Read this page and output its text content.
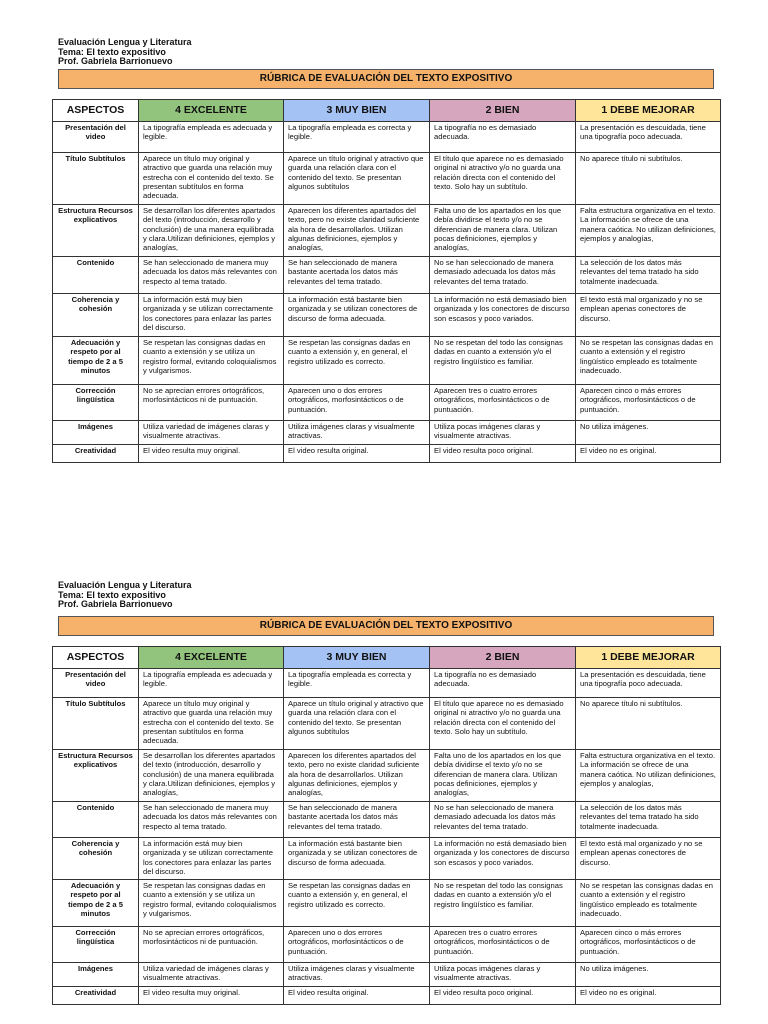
Evaluación Lengua y Literatura
Tema: El texto expositivo
Prof. Gabriela Barrionuevo
RÚBRICA DE EVALUACIÓN DEL TEXTO EXPOSITIVO
ASPECTOS	4 EXCELENTE	3 MUY BIEN	2 BIEN	1 DEBE MEJORAR
Presentación del video	La tipografía empleada es adecuada y legible.	La tipografía empleada es correcta y legible.	La tipografía no es demasiado adecuada.	La presentación es descuidada, tiene una tipografía poco adecuada.
Título Subtítulos	Aparece un título muy original y atractivo que guarda una relación muy estrecha con el contenido del texto. Se presentan subtítulos en forma adecuada.	Aparece un título original y atractivo que guarda una relación clara con el contenido del texto. Se presentan algunos subtítulos	El título que aparece no es demasiado original ni atractivo y/o no guarda una relación directa con el contenido del texto. Solo hay un subtítulo.	No aparece título ni subtítulos.
Estructura Recursos explicativos	Se desarrollan los diferentes apartados del texto (introducción, desarrollo y conclusión) de una manera equilibrada y clara.Utilizan definiciones, ejemplos y analogías,	Aparecen los diferentes apartados del texto, pero no existe claridad suficiente ala hora de desarrollarlos. Utilizan algunas definiciones, ejemplos y analogías,	Falta uno de los apartados en los que debía dividirse el texto y/o no se diferencian de manera clara. Utilizan pocas definiciones, ejemplos y analogías,	Falta estructura organizativa en el texto. La información se ofrece de una manera caótica. No utilizan definiciones, ejemplos y analogías,
Contenido	Se han seleccionado de manera muy adecuada los datos más relevantes con respecto al tema tratado.	Se han seleccionado de manera bastante acertada los datos más relevantes del tema tratado.	No se han seleccionado de manera demasiado adecuada los datos más relevantes del tema tratado.	La selección de los datos más relevantes del tema tratado ha sido totalmente inadecuada.
Coherencia y cohesión	La información está muy bien organizada y se utilizan correctamente los conectores para enlazar las partes del discurso.	La información está bastante bien organizada y se utilizan conectores de discurso de forma adecuada.	La información no está demasiado bien organizada y los conectores de discurso son escasos y poco variados.	El texto está mal organizado y no se emplean apenas conectores de discurso.
Adecuación y respeto por al tiempo de 2 a 5 minutos	Se respetan las consignas dadas en cuanto a extensión y se utiliza un registro formal, evitando coloquialismos y vulgarismos.	Se respetan las consignas dadas en cuanto a extensión y, en general, el registro utilizado es correcto.	No se respetan del todo las consignas dadas en cuanto a extensión y/o el registro lingüístico es familiar.	No se respetan las consignas dadas en cuanto a extensión y el registro lingüístico empleado es totalmente inadecuado.
Corrección lingüística	No se aprecian errores ortográficos, morfosintácticos ni de puntuación.	Aparecen uno o dos errores ortográficos, morfosintácticos o de puntuación.	Aparecen tres o cuatro errores ortográficos, morfosintácticos o de puntuación.	Aparecen cinco o más errores ortográficos, morfosintácticos o de puntuación.
Imágenes	Utiliza variedad de imágenes claras y visualmente atractivas.	Utiliza imágenes claras y visualmente atractivas.	Utiliza pocas imágenes claras y visualmente atractivas.	No utiliza imágenes.
Creatividad	El video resulta muy original.	El video resulta original.	El video resulta poco original.	El video no es original.
Evaluación Lengua y Literatura
Tema: El texto expositivo
Prof. Gabriela Barrionuevo
RÚBRICA DE EVALUACIÓN DEL TEXTO EXPOSITIVO
ASPECTOS	4 EXCELENTE	3 MUY BIEN	2 BIEN	1 DEBE MEJORAR
Presentación del video	La tipografía empleada es adecuada y legible.	La tipografía empleada es correcta y legible.	La tipografía no es demasiado adecuada.	La presentación es descuidada, tiene una tipografía poco adecuada.
Título Subtítulos	Aparece un título muy original y atractivo que guarda una relación muy estrecha con el contenido del texto. Se presentan subtítulos en forma adecuada.	Aparece un título original y atractivo que guarda una relación clara con el contenido del texto. Se presentan algunos subtítulos	El título que aparece no es demasiado original ni atractivo y/o no guarda una relación directa con el contenido del texto. Solo hay un subtítulo.	No aparece título ni subtítulos.
Estructura Recursos explicativos	Se desarrollan los diferentes apartados del texto (introducción, desarrollo y conclusión) de una manera equilibrada y clara.Utilizan definiciones, ejemplos y analogías,	Aparecen los diferentes apartados del texto, pero no existe claridad suficiente ala hora de desarrollarlos. Utilizan algunas definiciones, ejemplos y analogías,	Falta uno de los apartados en los que debía dividirse el texto y/o no se diferencian de manera clara. Utilizan pocas definiciones, ejemplos y analogías,	Falta estructura organizativa en el texto. La información se ofrece de una manera caótica. No utilizan definiciones, ejemplos y analogías,
Contenido	Se han seleccionado de manera muy adecuada los datos más relevantes con respecto al tema tratado.	Se han seleccionado de manera bastante acertada los datos más relevantes del tema tratado.	No se han seleccionado de manera demasiado adecuada los datos más relevantes del tema tratado.	La selección de los datos más relevantes del tema tratado ha sido totalmente inadecuada.
Coherencia y cohesión	La información está muy bien organizada y se utilizan correctamente los conectores para enlazar las partes del discurso.	La información está bastante bien organizada y se utilizan conectores de discurso de forma adecuada.	La información no está demasiado bien organizada y los conectores de discurso son escasos y poco variados.	El texto está mal organizado y no se emplean apenas conectores de discurso.
Adecuación y respeto por al tiempo de 2 a 5 minutos	Se respetan las consignas dadas en cuanto a extensión y se utiliza un registro formal, evitando coloquialismos y vulgarismos.	Se respetan las consignas dadas en cuanto a extensión y, en general, el registro utilizado es correcto.	No se respetan del todo las consignas dadas en cuanto a extensión y/o el registro lingüístico es familiar.	No se respetan las consignas dadas en cuanto a extensión y el registro lingüístico empleado es totalmente inadecuado.
Corrección lingüística	No se aprecian errores ortográficos, morfosintácticos ni de puntuación.	Aparecen uno o dos errores ortográficos, morfosintácticos o de puntuación.	Aparecen tres o cuatro errores ortográficos, morfosintácticos o de puntuación.	Aparecen cinco o más errores ortográficos, morfosintácticos o de puntuación.
Imágenes	Utiliza variedad de imágenes claras y visualmente atractivas.	Utiliza imágenes claras y visualmente atractivas.	Utiliza pocas imágenes claras y visualmente atractivas.	No utiliza imágenes.
Creatividad	El video resulta muy original.	El video resulta original.	El video resulta poco original.	El video no es original.
